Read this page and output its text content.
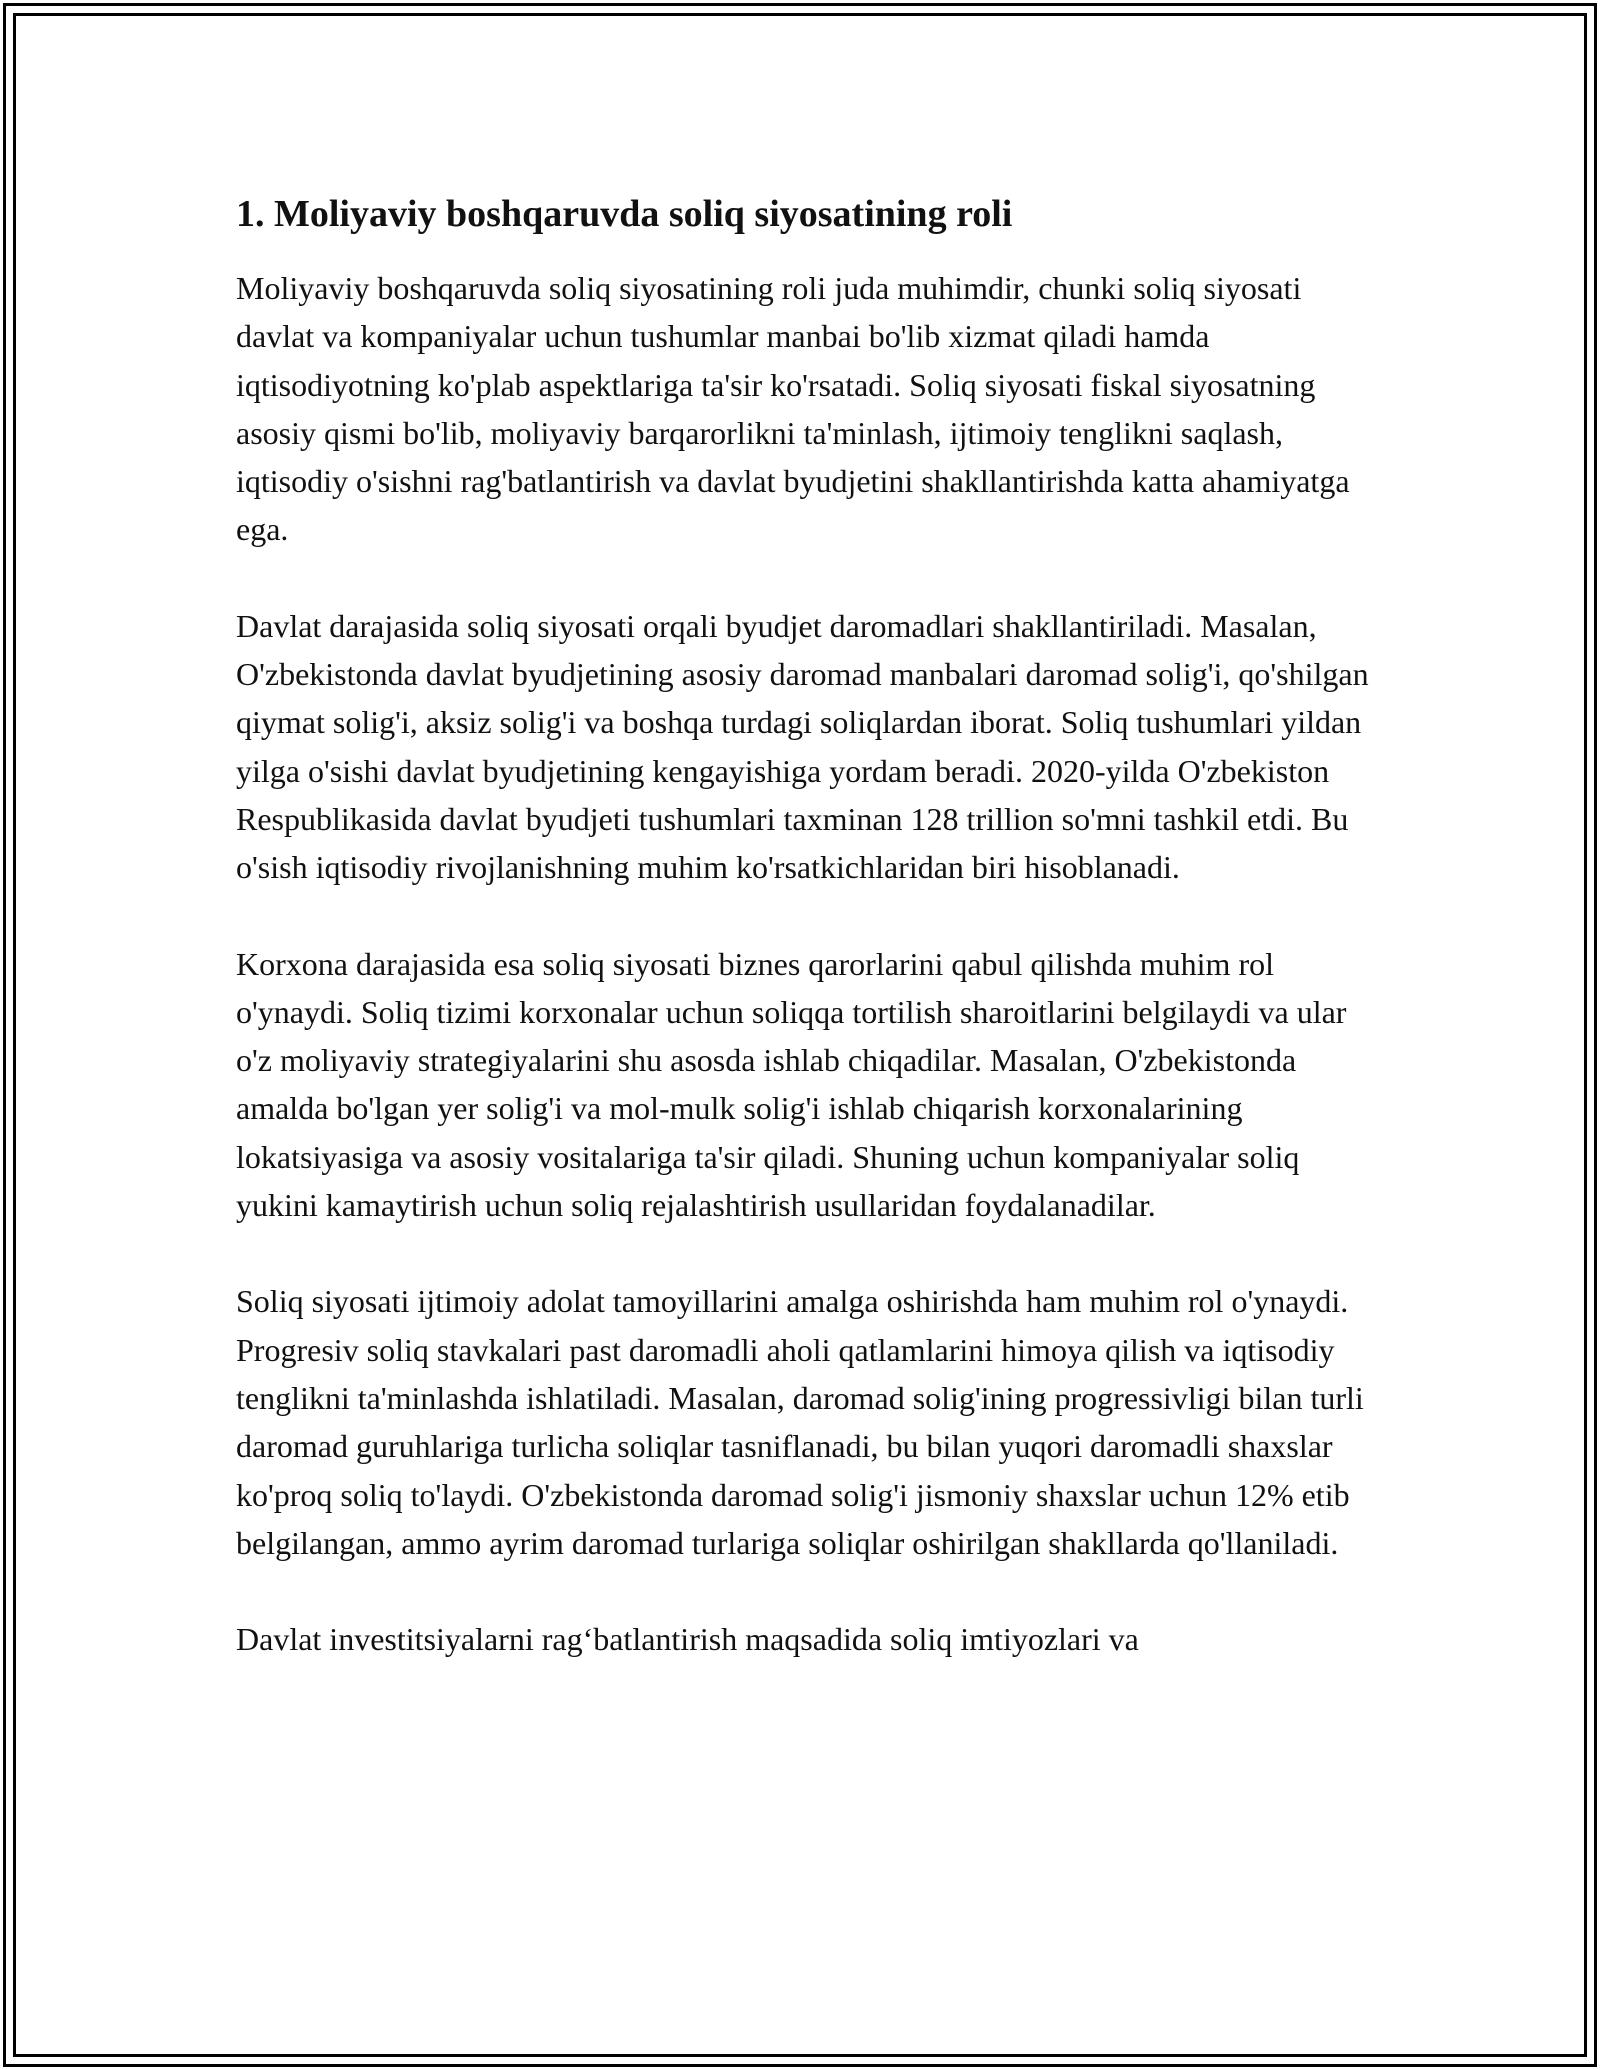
1. Moliyaviy boshqaruvda soliq siyosatining roli

Moliyaviy boshqaruvda soliq siyosatining roli juda muhimdir, chunki soliq siyosati davlat va kompaniyalar uchun tushumlar manbai bo'lib xizmat qiladi hamda iqtisodiyotning ko'plab aspektlariga ta'sir ko'rsatadi. Soliq siyosati fiskal siyosatning asosiy qismi bo'lib, moliyaviy barqarorlikni ta'minlash, ijtimoiy tenglikni saqlash, iqtisodiy o'sishni rag'batlantirish va davlat byudjetini shakllantirishda katta ahamiyatga ega.

Davlat darajasida soliq siyosati orqali byudjet daromadlari shakllantiriladi. Masalan, O'zbekistonda davlat byudjetining asosiy daromad manbalari daromad solig'i, qo'shilgan qiymat solig'i, aksiz solig'i va boshqa turdagi soliqlardan iborat. Soliq tushumlari yildan yilga o'sishi davlat byudjetining kengayishiga yordam beradi. 2020-yilda O'zbekiston Respublikasida davlat byudjeti tushumlari taxminan 128 trillion so'mni tashkil etdi. Bu o'sish iqtisodiy rivojlanishning muhim ko'rsatkichlaridan biri hisoblanadi.

Korxona darajasida esa soliq siyosati biznes qarorlarini qabul qilishda muhim rol o'ynaydi. Soliq tizimi korxonalar uchun soliqqa tortilish sharoitlarini belgilaydi va ular o'z moliyaviy strategiyalarini shu asosda ishlab chiqadilar. Masalan, O'zbekistonda amalda bo'lgan yer solig'i va mol-mulk solig'i ishlab chiqarish korxonalarining lokatsiyasiga va asosiy vositalariga ta'sir qiladi. Shuning uchun kompaniyalar soliq yukini kamaytirish uchun soliq rejalashtirish usullaridan foydalanadilar.

Soliq siyosati ijtimoiy adolat tamoyillarini amalga oshirishda ham muhim rol o'ynaydi. Progresiv soliq stavkalari past daromadli aholi qatlamlarini himoya qilish va iqtisodiy tenglikni ta'minlashda ishlatiladi. Masalan, daromad solig'ining progressivligi bilan turli daromad guruhlariga turlicha soliqlar tasniflanadi, bu bilan yuqori daromadli shaxslar ko'proq soliq to'laydi. O'zbekistonda daromad solig'i jismoniy shaxslar uchun 12% etib belgilangan, ammo ayrim daromad turlariga soliqlar oshirilgan shakllarda qo'llaniladi.

Davlat investitsiyalarni rag‘batlantirish maqsadida soliq imtiyozlari va
